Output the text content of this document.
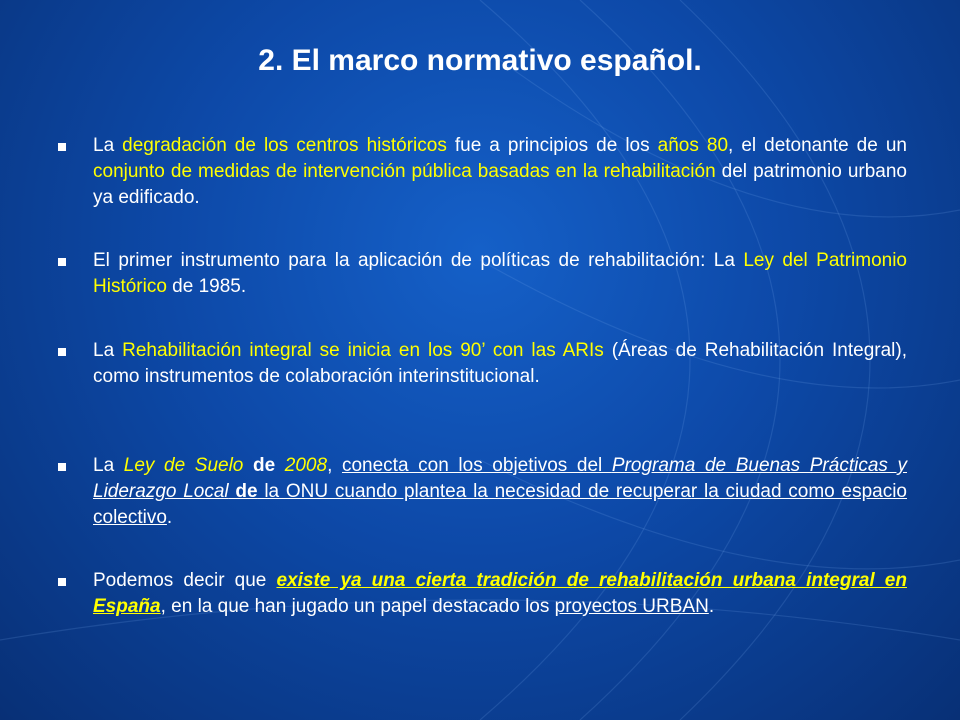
2. El marco normativo español.
La degradación de los centros históricos fue a principios de los años 80, el detonante de un conjunto de medidas de intervención pública basadas en la rehabilitación del patrimonio urbano ya edificado.
El primer instrumento para la aplicación de políticas de rehabilitación: La Ley del Patrimonio Histórico de 1985.
La Rehabilitación integral se inicia en los 90’ con las ARIs (Áreas de Rehabilitación Integral), como instrumentos de colaboración interinstitucional.
La Ley de Suelo de 2008, conecta con los objetivos del Programa de Buenas Prácticas y Liderazgo Local de la ONU cuando plantea la necesidad de recuperar la ciudad como espacio colectivo.
Podemos decir que existe ya una cierta tradición de rehabilitación urbana integral en España, en la que han jugado un papel destacado los proyectos URBAN.
